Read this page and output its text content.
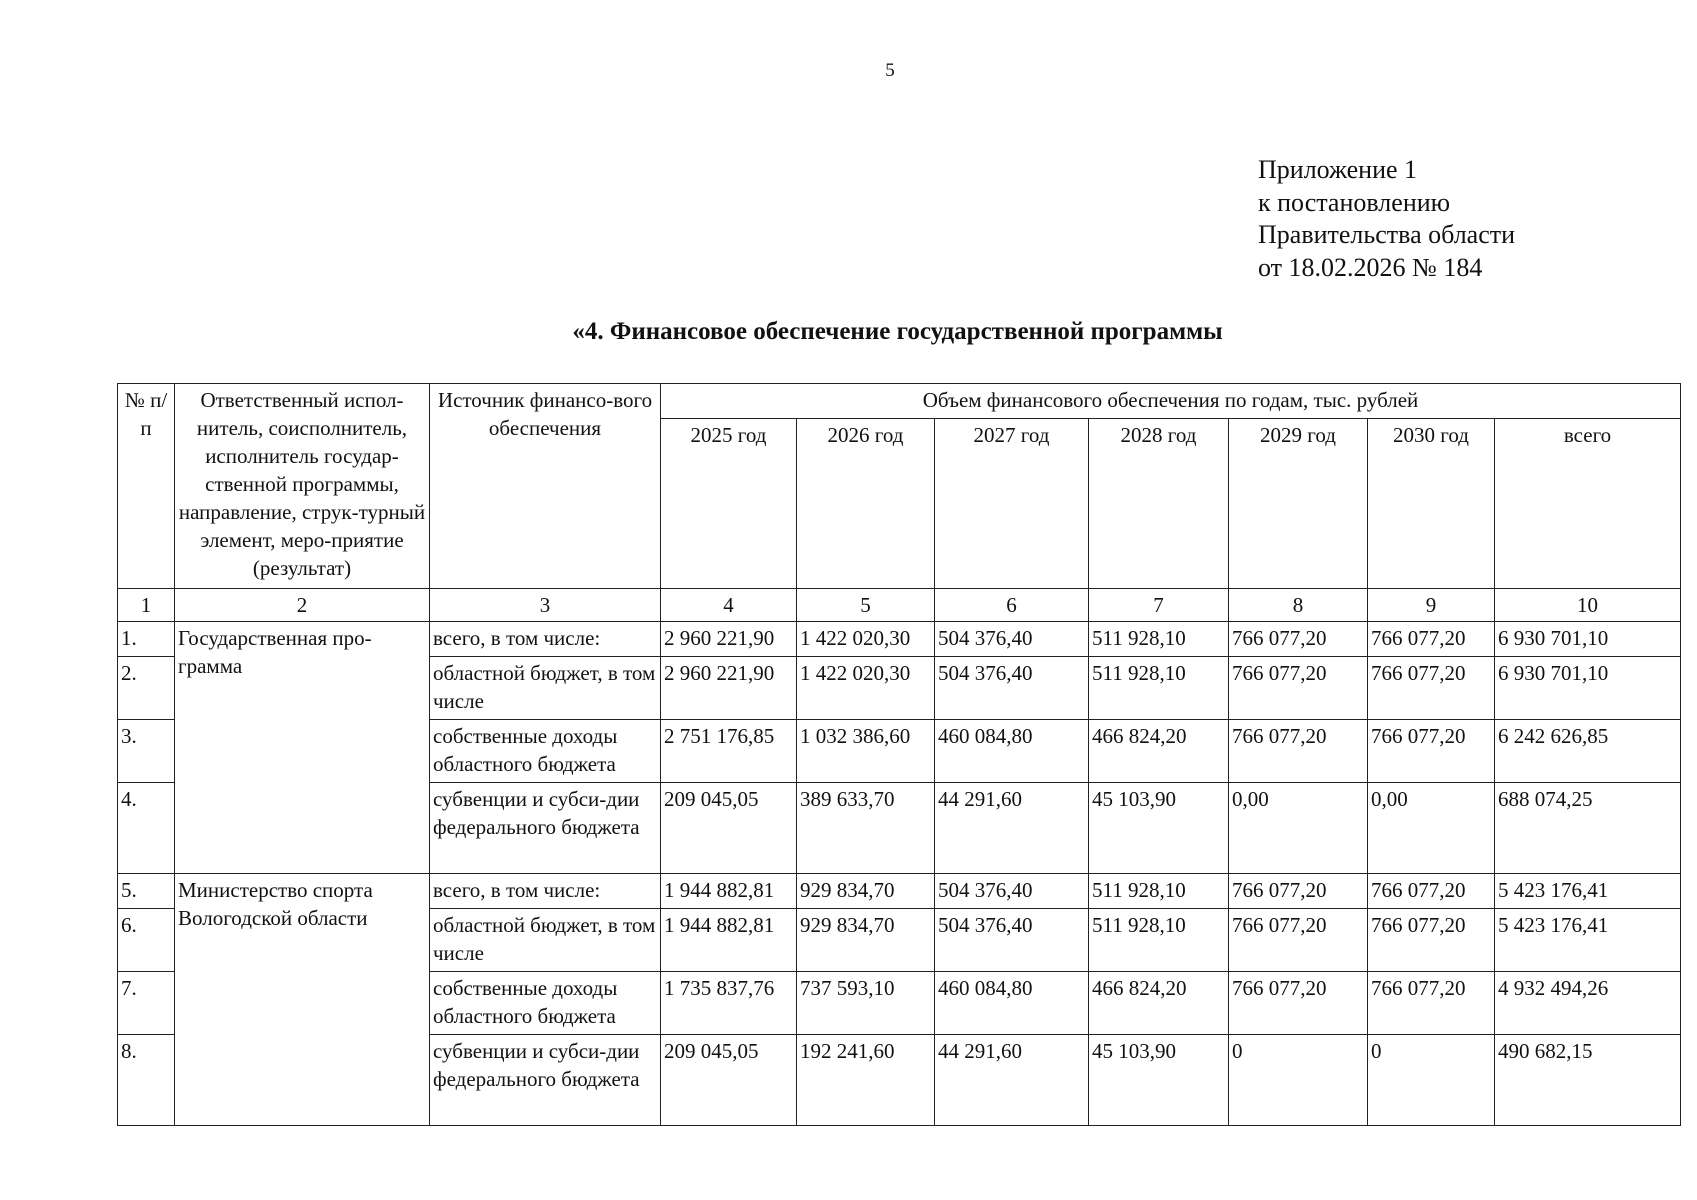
5
Приложение 1
к постановлению
Правительства области
от 18.02.2026 № 184
«4. Финансовое обеспечение государственной программы
№ п/п	Ответственный испол-нитель, соисполнитель, исполнитель государ-ственной программы, направление, струк-турный элемент, меро-приятие (результат)	Источник финансо-вого обеспечения	Объем финансового обеспечения по годам, тыс. рублей						
			2025 год	2026 год	2027 год	2028 год	2029 год	2030 год	всего
1	2	3	4	5	6	7	8	9	10
1.	Государственная про-грамма	всего, в том числе:	2 960 221,90	1 422 020,30	504 376,40	511 928,10	766 077,20	766 077,20	6 930 701,10
2.		областной бюджет, в том числе	2 960 221,90	1 422 020,30	504 376,40	511 928,10	766 077,20	766 077,20	6 930 701,10
3.		собственные доходы областного бюджета	2 751 176,85	1 032 386,60	460 084,80	466 824,20	766 077,20	766 077,20	6 242 626,85
4.		субвенции и субси-дии федерального бюджета	209 045,05	389 633,70	44 291,60	45 103,90	0,00	0,00	688 074,25
5.	Министерство спорта Вологодской области	всего, в том числе:	1 944 882,81	929 834,70	504 376,40	511 928,10	766 077,20	766 077,20	5 423 176,41
6.		областной бюджет, в том числе	1 944 882,81	929 834,70	504 376,40	511 928,10	766 077,20	766 077,20	5 423 176,41
7.		собственные доходы областного бюджета	1 735 837,76	737 593,10	460 084,80	466 824,20	766 077,20	766 077,20	4 932 494,26
8.		субвенции и субси-дии федерального бюджета	209 045,05	192 241,60	44 291,60	45 103,90	0	0	490 682,15
